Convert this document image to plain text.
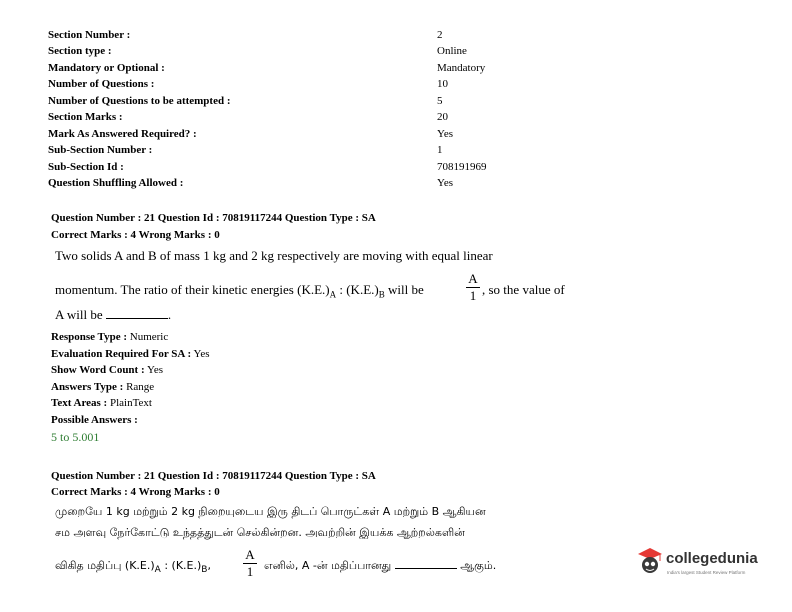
Section Number :	2
Section type :	Online
Mandatory or Optional :	Mandatory
Number of Questions :	10
Number of Questions to be attempted :	5
Section Marks :	20
Mark As Answered Required? :	Yes
Sub-Section Number :	1
Sub-Section Id :	708191969
Question Shuffling Allowed :	Yes
Question Number : 21 Question Id : 70819117244 Question Type : SA
Correct Marks : 4 Wrong Marks : 0
Two solids A and B of mass 1 kg and 2 kg respectively are moving with equal linear
momentum. The ratio of their kinetic energies $(K.E.)_A$ : $(K.E.)_B$ will be
A
1 , so the value of
A will be	.
Response Type : Numeric
Evaluation Required For SA : Yes
Show Word Count : Yes
Answers Type : Range
Text Areas : PlainText
Possible Answers :
5 to 5.001
Question Number : 21 Question Id : 70819117244 Question Type : SA
Correct Marks : 4 Wrong Marks : 0
முறையே 1 kg மற்றும் 2 kg நிறையுடைய இரு திடப் பொருட்கள் A மற்றும் B ஆகியன
சம அளவு நேர்கோட்டு உந்தத்துடன் செல்கின்றன. அவற்றின் இயக்க ஆற்றல்களின்
விகித மதிப்பு $(K.E.)_A$ : $(K.E.)_B$,
A
1 எனில், A -ன் மதிப்பானது	ஆகும்.	collegedunia
India's largest Student Review Platform
